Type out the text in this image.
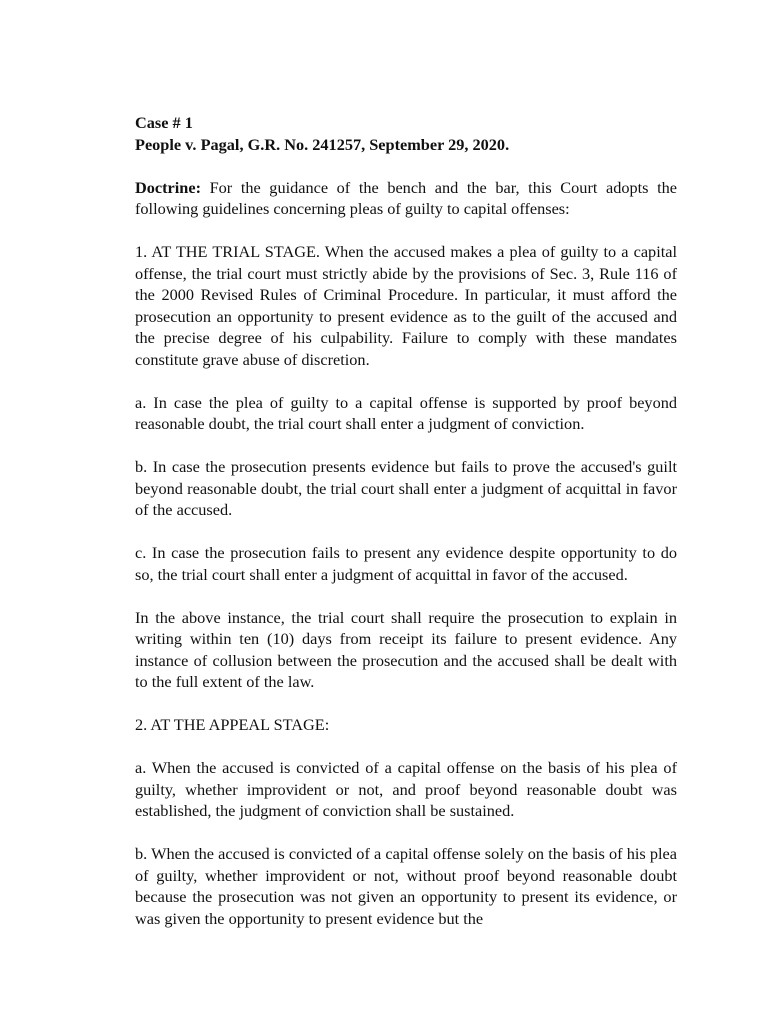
Case # 1
People v. Pagal, G.R. No. 241257, September 29, 2020.

Doctrine: For the guidance of the bench and the bar, this Court adopts the following guidelines concerning pleas of guilty to capital offenses:

1. AT THE TRIAL STAGE. When the accused makes a plea of guilty to a capital offense, the trial court must strictly abide by the provisions of Sec. 3, Rule 116 of the 2000 Revised Rules of Criminal Procedure. In particular, it must afford the prosecution an opportunity to present evidence as to the guilt of the accused and the precise degree of his culpability. Failure to comply with these mandates constitute grave abuse of discretion.

a. In case the plea of guilty to a capital offense is supported by proof beyond reasonable doubt, the trial court shall enter a judgment of conviction.

b. In case the prosecution presents evidence but fails to prove the accused's guilt beyond reasonable doubt, the trial court shall enter a judgment of acquittal in favor of the accused.

c. In case the prosecution fails to present any evidence despite opportunity to do so, the trial court shall enter a judgment of acquittal in favor of the accused.

In the above instance, the trial court shall require the prosecution to explain in writing within ten (10) days from receipt its failure to present evidence. Any instance of collusion between the prosecution and the accused shall be dealt with to the full extent of the law.

2. AT THE APPEAL STAGE:

a. When the accused is convicted of a capital offense on the basis of his plea of guilty, whether improvident or not, and proof beyond reasonable doubt was established, the judgment of conviction shall be sustained.

b. When the accused is convicted of a capital offense solely on the basis of his plea of guilty, whether improvident or not, without proof beyond reasonable doubt because the prosecution was not given an opportunity to present its evidence, or was given the opportunity to present evidence but the
